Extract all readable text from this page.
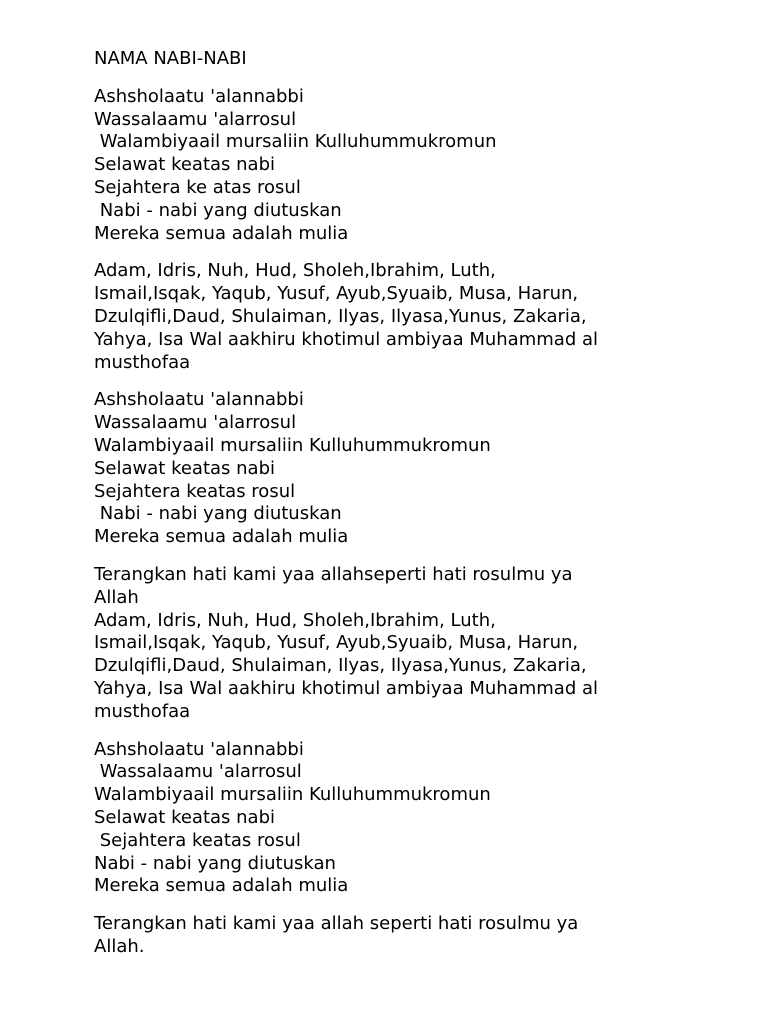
NAMA NABI-NABI
Ashsholaatu 'alannabbi
Wassalaamu 'alarrosul
Walambiyaail mursaliin Kulluhummukromun
Selawat keatas nabi
Sejahtera ke atas rosul
Nabi - nabi yang diutuskan
Mereka semua adalah mulia
Adam, Idris, Nuh, Hud, Sholeh,Ibrahim, Luth,
Ismail,Isqak, Yaqub, Yusuf, Ayub,Syuaib, Musa, Harun,
Dzulqifli,Daud, Shulaiman, Ilyas, Ilyasa,Yunus, Zakaria,
Yahya, Isa Wal aakhiru khotimul ambiyaa Muhammad al
musthofaa
Ashsholaatu 'alannabbi
Wassalaamu 'alarrosul
Walambiyaail mursaliin Kulluhummukromun
Selawat keatas nabi
Sejahtera keatas rosul
Nabi - nabi yang diutuskan
Mereka semua adalah mulia
Terangkan hati kami yaa allahseperti hati rosulmu ya
Allah
Adam, Idris, Nuh, Hud, Sholeh,Ibrahim, Luth,
Ismail,Isqak, Yaqub, Yusuf, Ayub,Syuaib, Musa, Harun,
Dzulqifli,Daud, Shulaiman, Ilyas, Ilyasa,Yunus, Zakaria,
Yahya, Isa Wal aakhiru khotimul ambiyaa Muhammad al
musthofaa
Ashsholaatu 'alannabbi
Wassalaamu 'alarrosul
Walambiyaail mursaliin Kulluhummukromun
Selawat keatas nabi
Sejahtera keatas rosul
Nabi - nabi yang diutuskan
Mereka semua adalah mulia
Terangkan hati kami yaa allah seperti hati rosulmu ya
Allah.
